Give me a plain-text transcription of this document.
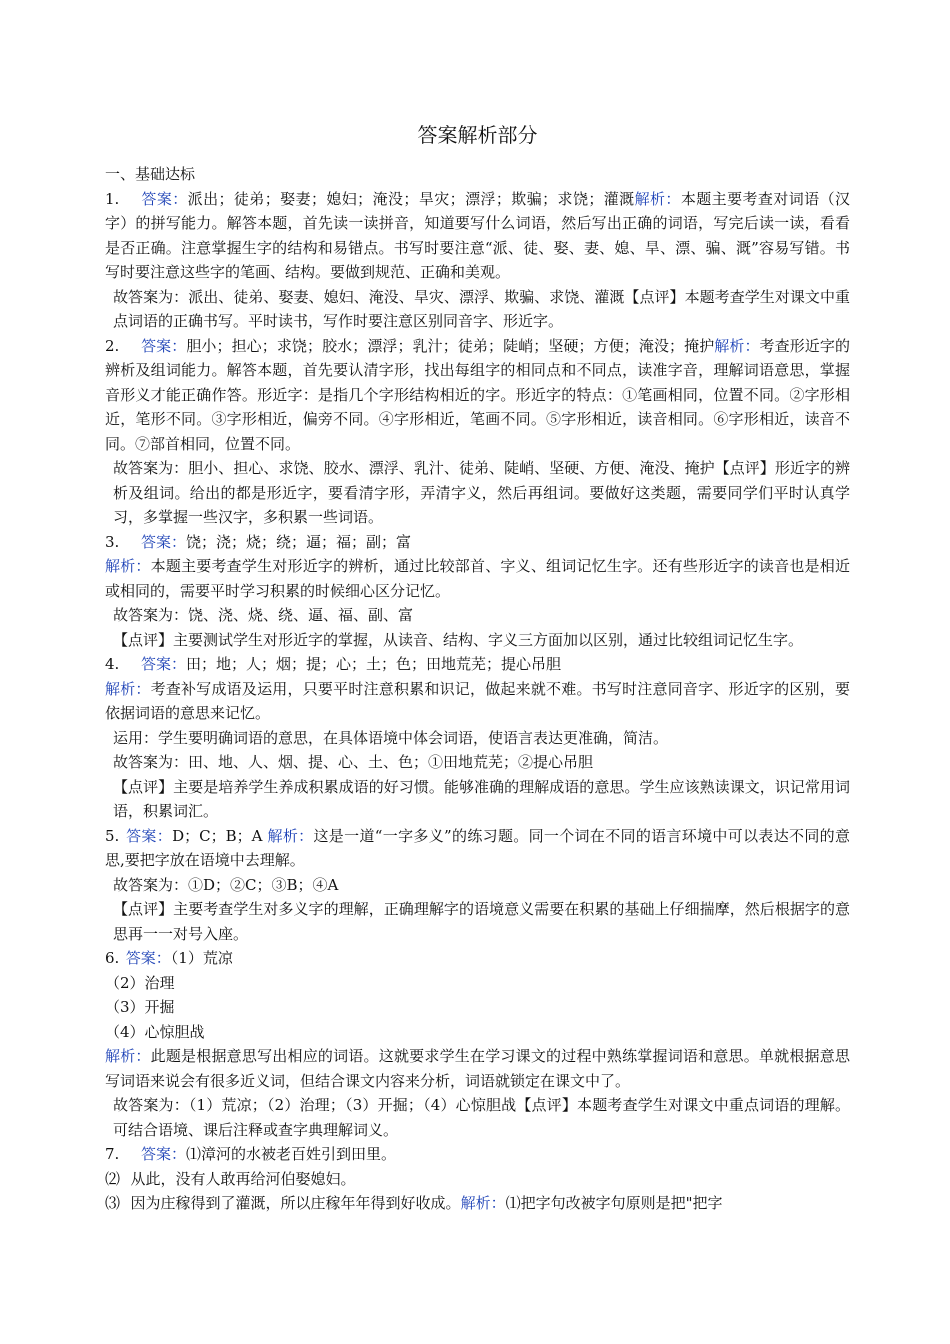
答案解析部分

一、基础达标

1. 答案：派出；徒弟；娶妻；媳妇；淹没；旱灾；漂浮；欺骗；求饶；灌溉解析：本题主要考查对词语（汉字）的拼写能力。解答本题，首先读一读拼音，知道要写什么词语，然后写出正确的词语，写完后读一读，看看是否正确。注意掌握生字的结构和易错点。书写时要注意“派、徒、娶、妻、媳、旱、漂、骗、溉”容易写错。书写时要注意这些字的笔画、结构。要做到规范、正确和美观。

故答案为：派出、徒弟、娶妻、媳妇、淹没、旱灾、漂浮、欺骗、求饶、灌溉【点评】本题考查学生对课文中重点词语的正确书写。平时读书，写作时要注意区别同音字、形近字。

2. 答案：胆小；担心；求饶；胶水；漂浮；乳汁；徒弟；陡峭；坚硬；方便；淹没；掩护解析：考查形近字的辨析及组词能力。解答本题，首先要认清字形，找出每组字的相同点和不同点，读准字音，理解词语意思，掌握音形义才能正确作答。形近字：是指几个字形结构相近的字。形近字的特点：①笔画相同，位置不同。②字形相近，笔形不同。③字形相近，偏旁不同。④字形相近，笔画不同。⑤字形相近，读音相同。⑥字形相近，读音不同。⑦部首相同，位置不同。

故答案为：胆小、担心、求饶、胶水、漂浮、乳汁、徒弟、陡峭、坚硬、方便、淹没、掩护【点评】形近字的辨析及组词。给出的都是形近字，要看清字形，弄清字义，然后再组词。要做好这类题，需要同学们平时认真学习，多掌握一些汉字，多积累一些词语。

3. 答案：饶；浇；烧；绕；逼；福；副；富

解析：本题主要考查学生对形近字的辨析，通过比较部首、字义、组词记忆生字。还有些形近字的读音也是相近或相同的，需要平时学习积累的时候细心区分记忆。

故答案为：饶、浇、烧、绕、逼、福、副、富

【点评】主要测试学生对形近字的掌握，从读音、结构、字义三方面加以区别，通过比较组词记忆生字。

4. 答案：田；地；人；烟；提；心；土；色；田地荒芜；提心吊胆

解析：考查补写成语及运用，只要平时注意积累和识记，做起来就不难。书写时注意同音字、形近字的区别，要依据词语的意思来记忆。

运用：学生要明确词语的意思，在具体语境中体会词语，使语言表达更准确，简洁。

故答案为：田、地、人、烟、提、心、土、色；①田地荒芜；②提心吊胆

【点评】主要是培养学生养成积累成语的好习惯。能够准确的理解成语的意思。学生应该熟读课文，识记常用词语，积累词汇。

5. 答案：D；C；B；A 解析：这是一道“一字多义”的练习题。同一个词在不同的语言环境中可以表达不同的意思,要把字放在语境中去理解。

故答案为：①D；②C；③B；④A

【点评】主要考查学生对多义字的理解，正确理解字的语境意义需要在积累的基础上仔细揣摩，然后根据字的意思再一一对号入座。

6. 答案：（1）荒凉

（2）治理

（3）开掘

（4）心惊胆战

解析：此题是根据意思写出相应的词语。这就要求学生在学习课文的过程中熟练掌握词语和意思。单就根据意思写词语来说会有很多近义词，但结合课文内容来分析，词语就锁定在课文中了。

故答案为：（1）荒凉；（2）治理；（3）开掘；（4）心惊胆战【点评】本题考查学生对课文中重点词语的理解。可结合语境、课后注释或查字典理解词义。

7. 答案：⑴漳河的水被老百姓引到田里。

⑵ 从此，没有人敢再给河伯娶媳妇。

⑶ 因为庄稼得到了灌溉，所以庄稼年年得到好收成。解析：⑴把字句改被字句原则是把"把字
